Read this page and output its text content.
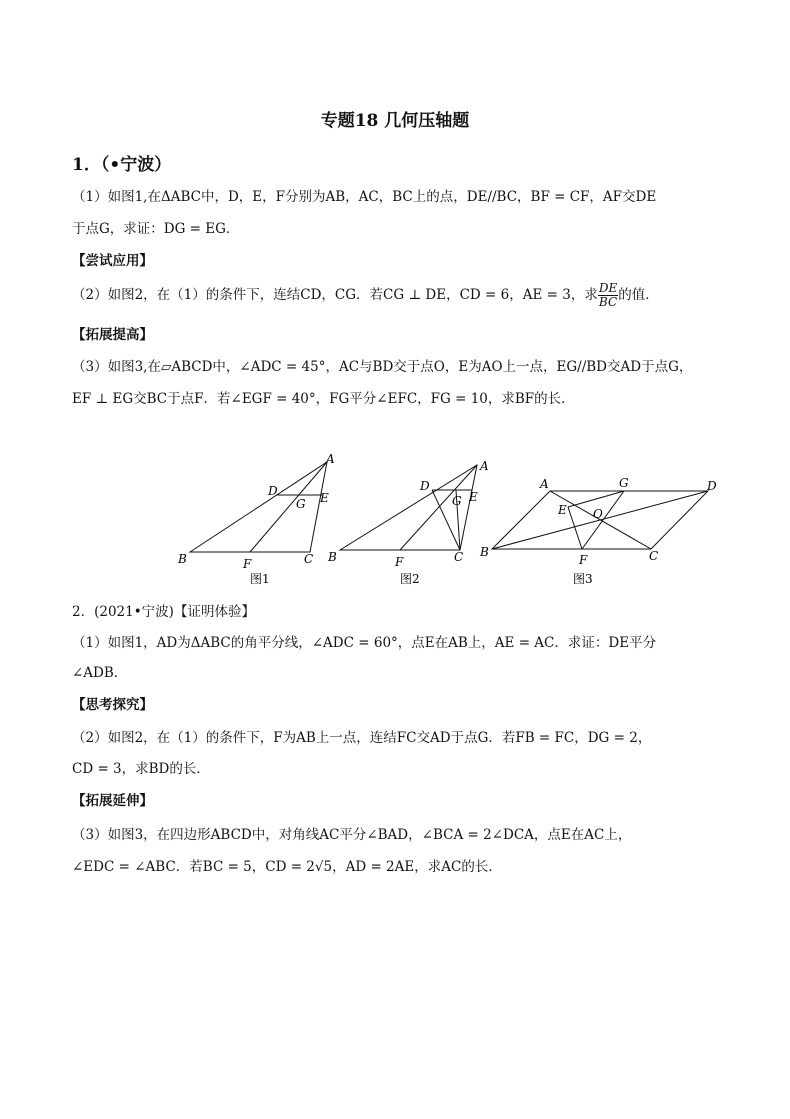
专题18 几何压轴题
1．（•宁波）
（1）如图1,在ΔABC中，D，E，F分别为AB，AC，BC上的点，DE//BC，BF = CF，AF交DE
于点G，求证：DG = EG．
【尝试应用】
（2）如图2，在（1）的条件下，连结CD，CG．若CG ⊥ DE，CD = 6，AE = 3，求 $\frac{DE}{BC}$ 的值．
【拓展提高】
（3）如图3,在▱ABCD中，∠ADC = 45°，AC与BD交于点O，E为AO上一点，EG//BD交AD于点G，
EF ⊥ EG交BC于点F．若∠EGF = 40°，FG平分∠EFC，FG = 10，求BF的长．
A
B	C
D	E
F
G
图1
A
B	C
D
E
F
G
图2
A
B	C
D
E
F
G
O
图3
2．(2021•宁波)【证明体验】
（1）如图1，AD为ΔABC的角平分线，∠ADC = 60°，点E在AB上，AE = AC．求证：DE平分
∠ADB．
【思考探究】
（2）如图2，在（1）的条件下，F为AB上一点，连结FC交AD于点G．若FB = FC，DG = 2，
CD = 3，求BD的长．
【拓展延伸】
（3）如图3，在四边形ABCD中，对角线AC平分∠BAD，∠BCA = 2∠DCA，点E在AC上，
∠EDC = ∠ABC．若BC = 5，CD = 2√5，AD = 2AE，求AC的长．
